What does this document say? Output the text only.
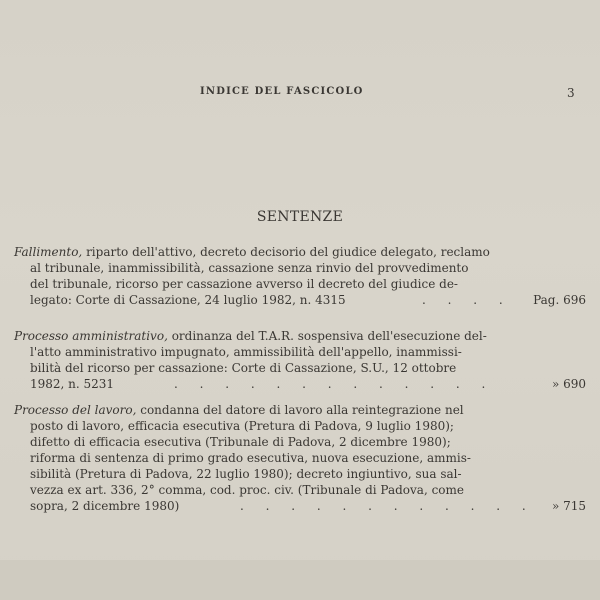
INDICE DEL FASCICOLO	3
SENTENZE
Fallimento, riparto dell'attivo, decreto decisorio del giudice delegato, reclamo
al tribunale, inammissibilità, cassazione senza rinvio del provvedimento
del tribunale, ricorso per cassazione avverso il decreto del giudice de-
legato: Corte di Cassazione, 24 luglio 1982, n. 4315	. . . . Pag. 696
Processo amministrativo, ordinanza del T.A.R. sospensiva dell'esecuzione del-
l'atto amministrativo impugnato, ammissibilità dell'appello, inammissi-
bilità del ricorso per cassazione: Corte di Cassazione, S.U., 12 ottobre
1982, n. 5231	. . . . . . . . . . . . .	» 690
Processo del lavoro, condanna del datore di lavoro alla reintegrazione nel
posto di lavoro, efficacia esecutiva (Pretura di Padova, 9 luglio 1980);
difetto di efficacia esecutiva (Tribunale di Padova, 2 dicembre 1980);
riforma di sentenza di primo grado esecutiva, nuova esecuzione, ammis-
sibilità (Pretura di Padova, 22 luglio 1980); decreto ingiuntivo, sua sal-
vezza ex art. 336, 2° comma, cod. proc. civ. (Tribunale di Padova, come
sopra, 2 dicembre 1980)	. . . . . . . . . . . . » 715
